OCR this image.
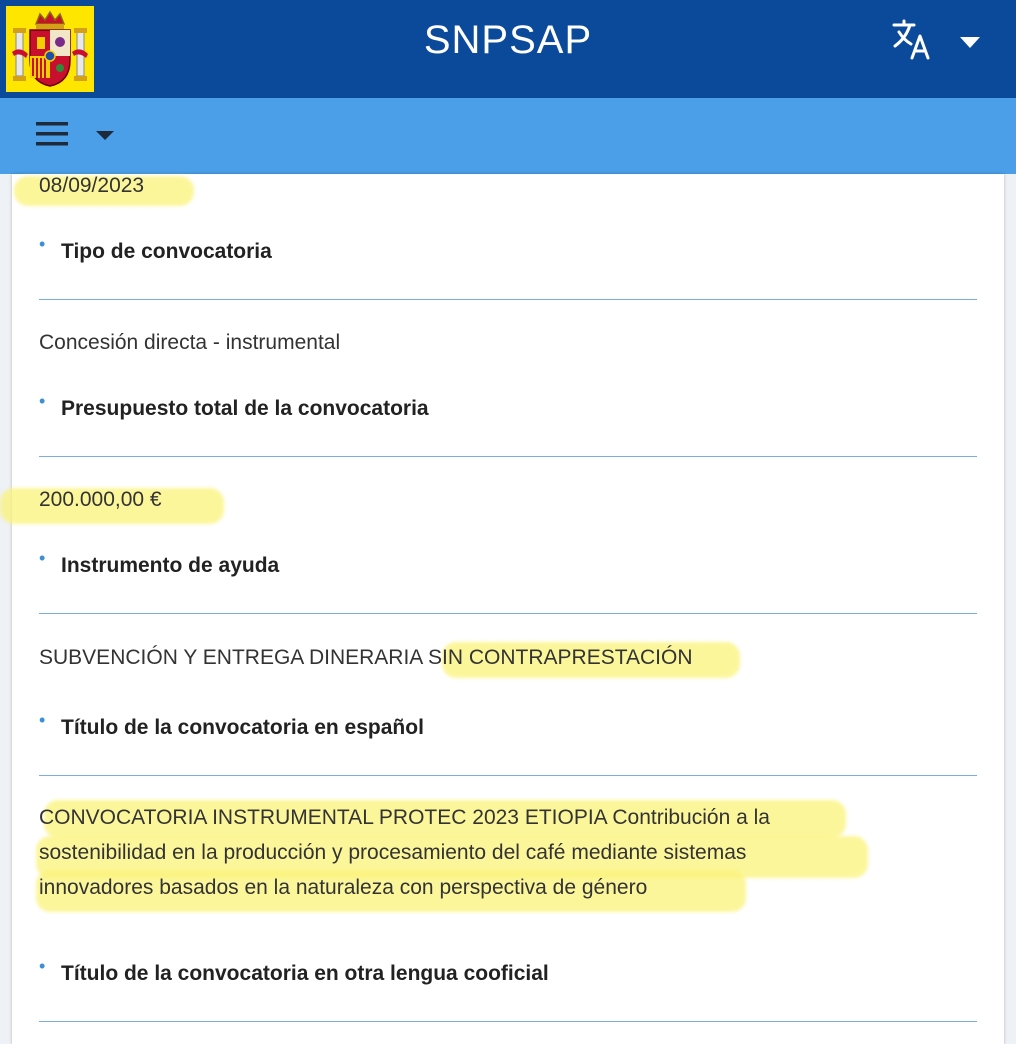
SNPSAP
08/09/2023
• Tipo de convocatoria
Concesión directa - instrumental
• Presupuesto total de la convocatoria
200.000,00 €
• Instrumento de ayuda
SUBVENCIÓN Y ENTREGA DINERARIA SIN CONTRAPRESTACIÓN
• Título de la convocatoria en español
CONVOCATORIA INSTRUMENTAL PROTEC 2023 ETIOPIA Contribución a la
sostenibilidad en la producción y procesamiento del café mediante sistemas
innovadores basados en la naturaleza con perspectiva de género
• Título de la convocatoria en otra lengua cooficial
